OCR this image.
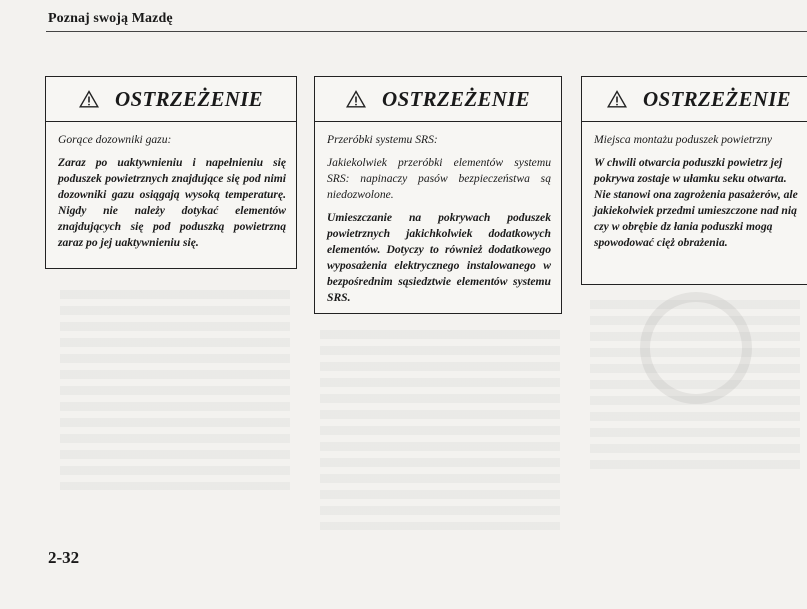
Poznaj swoją Mazdę
OSTRZEŻENIE

Gorące dozowniki gazu:

Zaraz po uaktywnieniu i napełnieniu się poduszek powietrznych znajdujące się pod nimi dozowniki gazu osiągają wysoką temperaturę. Nigdy nie należy dotykać elementów znajdujących się pod poduszką powietrzną zaraz po jej uaktywnieniu się.

OSTRZEŻENIE

Przeróbki systemu SRS:

Jakiekolwiek przeróbki elementów systemu SRS: napinaczy pasów bezpieczeństwa są niedozwolone.

Umieszczanie na pokrywach poduszek powietrznych jakichkolwiek dodatkowych elementów. Dotyczy to również dodatkowego wyposażenia elektrycznego instalowanego w bezpośrednim sąsiedztwie elementów systemu SRS.

OSTRZEŻENIE

Miejsca montażu poduszek powietrzny

W chwili otwarcia poduszki powietrz jej pokrywa zostaje w ułamku seku otwarta. Nie stanowi ona zagrożenia pasażerów, ale jakiekolwiek przedmi umieszczone nad nią czy w obrębie dz łania poduszki mogą spowodować cięż obrażenia.

2-32
